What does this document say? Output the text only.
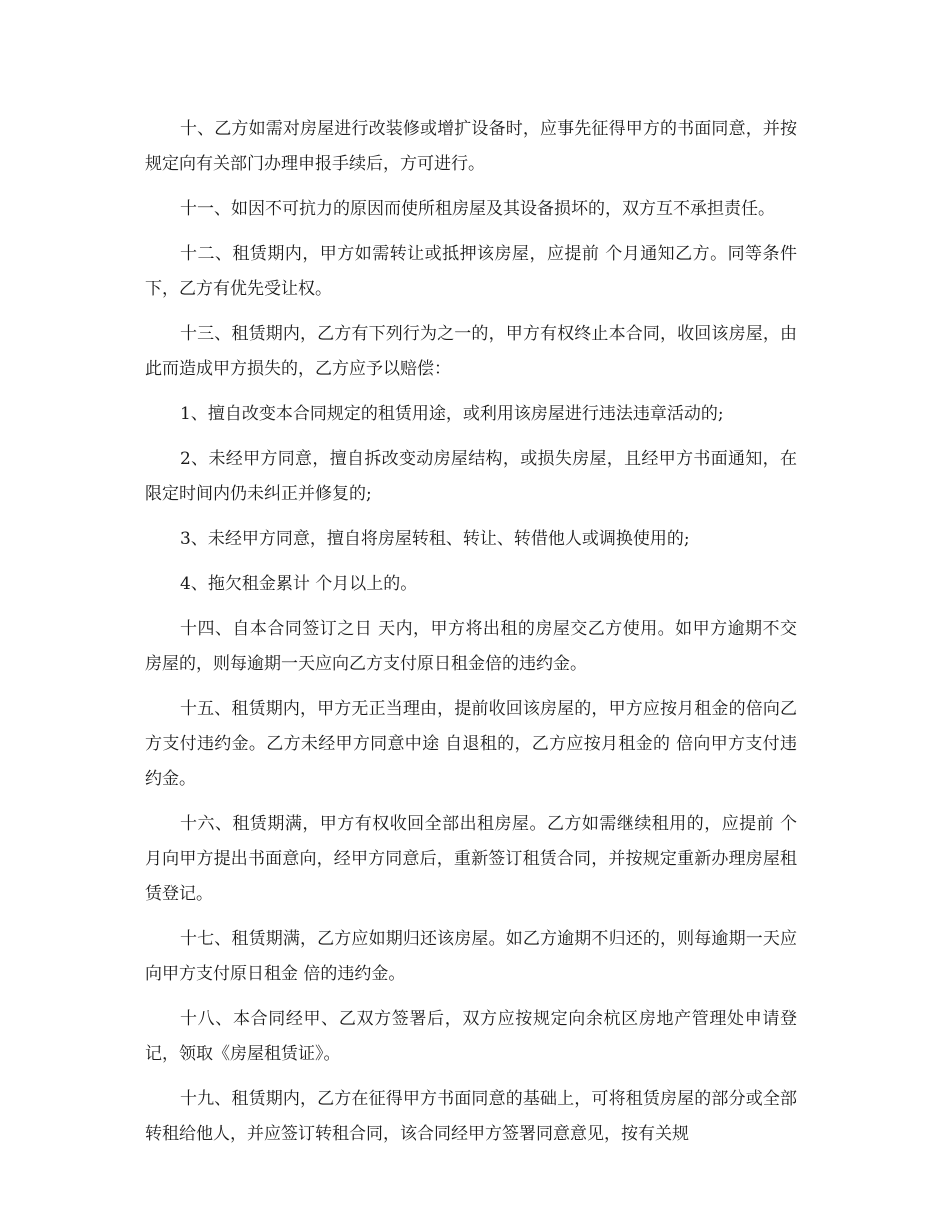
十、乙方如需对房屋进行改装修或增扩设备时，应事先征得甲方的书面同意，并按规定向有关部门办理申报手续后，方可进行。

十一、如因不可抗力的原因而使所租房屋及其设备损坏的，双方互不承担责任。

十二、租赁期内，甲方如需转让或抵押该房屋，应提前 个月通知乙方。同等条件下，乙方有优先受让权。

十三、租赁期内，乙方有下列行为之一的，甲方有权终止本合同，收回该房屋，由此而造成甲方损失的，乙方应予以赔偿：

1、擅自改变本合同规定的租赁用途，或利用该房屋进行违法违章活动的;

2、未经甲方同意，擅自拆改变动房屋结构，或损失房屋，且经甲方书面通知，在限定时间内仍未纠正并修复的;

3、未经甲方同意，擅自将房屋转租、转让、转借他人或调换使用的;

4、拖欠租金累计 个月以上的。

十四、自本合同签订之日 天内，甲方将出租的房屋交乙方使用。如甲方逾期不交房屋的，则每逾期一天应向乙方支付原日租金倍的违约金。

十五、租赁期内，甲方无正当理由，提前收回该房屋的，甲方应按月租金的倍向乙方支付违约金。乙方未经甲方同意中途 自退租的，乙方应按月租金的 倍向甲方支付违约金。

十六、租赁期满，甲方有权收回全部出租房屋。乙方如需继续租用的，应提前 个月向甲方提出书面意向，经甲方同意后，重新签订租赁合同，并按规定重新办理房屋租赁登记。

十七、租赁期满，乙方应如期归还该房屋。如乙方逾期不归还的，则每逾期一天应向甲方支付原日租金 倍的违约金。

十八、本合同经甲、乙双方签署后，双方应按规定向余杭区房地产管理处申请登记，领取《房屋租赁证》。

十九、租赁期内，乙方在征得甲方书面同意的基础上，可将租赁房屋的部分或全部转租给他人，并应签订转租合同，该合同经甲方签署同意意见，按有关规
